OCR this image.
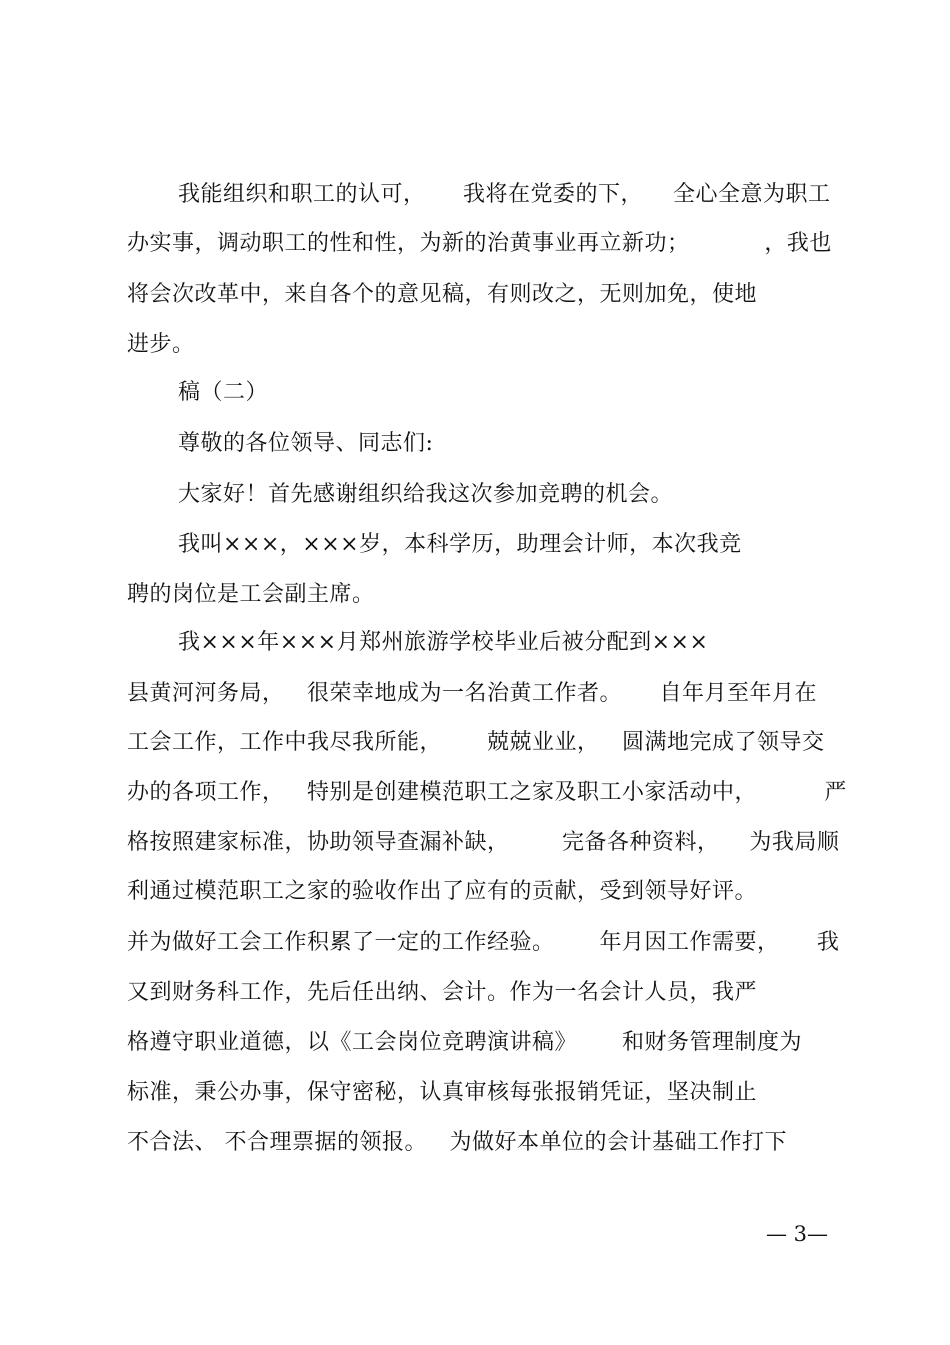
我能组织和职工的认可，     我将在党委的下，    全心全意为职工
办实事，调动职工的性和性，为新的治黄事业再立新功；          ，我也
将会次改革中，来自各个的意见稿，有则改之，无则加免，使地
进步。
稿（二）
尊敬的各位领导、同志们:
大家好！首先感谢组织给我这次参加竞聘的机会。
我叫×××，×××岁，本科学历，助理会计师，本次我竞
聘的岗位是工会副主席。
我×××年×××月郑州旅游学校毕业后被分配到×××
县黄河河务局，   很荣幸地成为一名治黄工作者。     自年月至年月在
工会工作，工作中我尽我所能，      兢兢业业，   圆满地完成了领导交
办的各项工作，   特别是创建模范职工之家及职工小家活动中，         严
格按照建家标准，协助领导查漏补缺，       完备各种资料，    为我局顺
利通过模范职工之家的验收作出了应有的贡献，受到领导好评。
并为做好工会工作积累了一定的工作经验。      年月因工作需要，     我
又到财务科工作，先后任出纳、会计。作为一名会计人员，我严
格遵守职业道德，以《工会岗位竞聘演讲稿》      和财务管理制度为
标准，秉公办事，保守密秘，认真审核每张报销凭证，坚决制止
不合法、 不合理票据的领报。   为做好本单位的会计基础工作打下
— 3—
